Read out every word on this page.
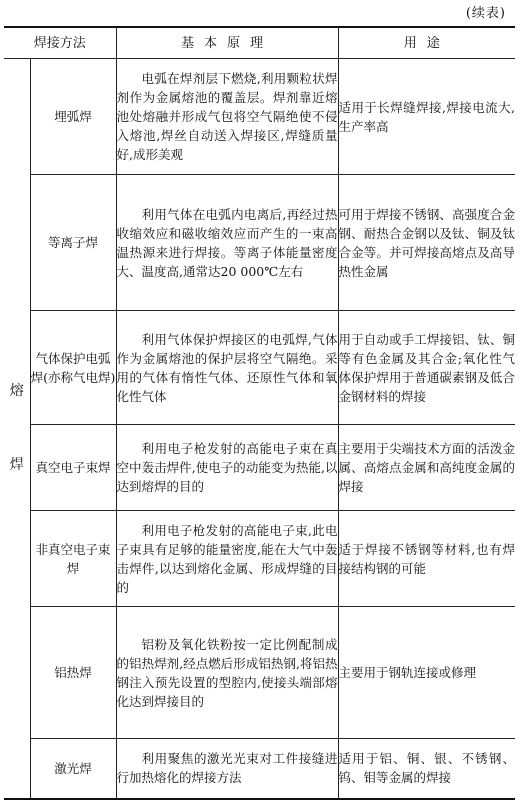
(续表)
焊接方法		基本原理	用途
熔
焊	埋弧焊	电弧在焊剂层下燃烧,利用颗粒状焊剂作为金属熔池的覆盖层。焊剂靠近熔池处熔融并形成气包将空气隔绝使不侵入熔池,焊丝自动送入焊接区,焊缝质量好,成形美观	适用于长焊缝焊接,焊接电流大,生产率高
	等离子焊	利用气体在电弧内电离后,再经过热收缩效应和磁收缩效应而产生的一束高温热源来进行焊接。等离子体能量密度大、温度高,通常达20 000℃左右	可用于焊接不锈钢、高强度合金钢、耐热合金钢以及钛、铜及钛合金等。并可焊接高熔点及高导热性金属
	气体保护电弧焊(亦称气电焊)	利用气体保护焊接区的电弧焊,气体作为金属熔池的保护层将空气隔绝。采用的气体有惰性气体、还原性气体和氧化性气体	用于自动或手工焊接铝、钛、铜等有色金属及其合金;氧化性气体保护焊用于普通碳素钢及低合金钢材料的焊接
	真空电子束焊	利用电子枪发射的高能电子束在真空中轰击焊件,使电子的动能变为热能,以达到熔焊的目的	主要用于尖端技术方面的活泼金属、高熔点金属和高纯度金属的焊接
	非真空电子束焊	利用电子枪发射的高能电子束,此电子束具有足够的能量密度,能在大气中轰击焊件,以达到熔化金属、形成焊缝的目的	适于焊接不锈钢等材料,也有焊接结构钢的可能
	铝热焊	铝粉及氧化铁粉按一定比例配制成的铝热焊剂,经点燃后形成铝热钢,将铝热钢注入预先设置的型腔内,使接头端部熔化达到焊接目的	主要用于钢轨连接或修理
	激光焊	利用聚焦的激光光束对工件接缝进行加热熔化的焊接方法	适用于铝、铜、银、不锈钢、钨、钼等金属的焊接
